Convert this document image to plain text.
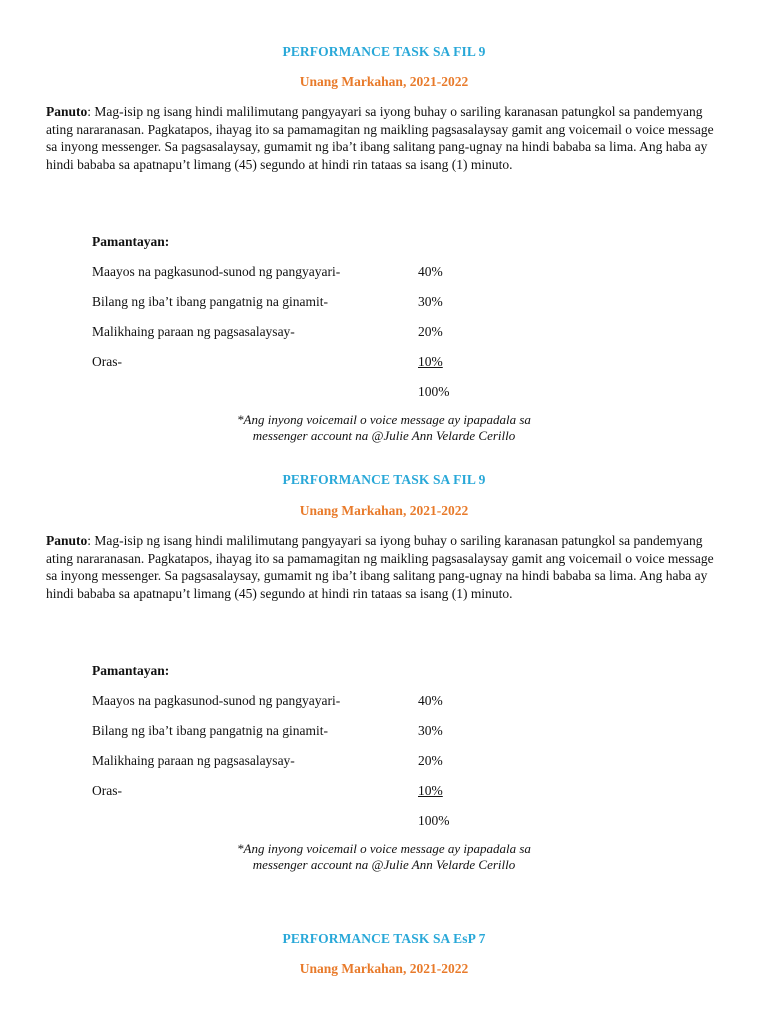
PERFORMANCE TASK SA FIL 9
Unang Markahan, 2021-2022

Panuto: Mag-isip ng isang hindi malilimutang pangyayari sa iyong buhay o sariling karanasan patungkol sa pandemyang ating nararanasan. Pagkatapos, ihayag ito sa pamamagitan ng maikling pagsasalaysay gamit ang voicemail o voice message sa inyong messenger. Sa pagsasalaysay, gumamit ng iba’t ibang salitang pang-ugnay na hindi bababa sa lima. Ang haba ay hindi bababa sa apatnapu’t limang (45) segundo at hindi rin tataas sa isang (1) minuto.

Pamantayan:
Maayos na pagkasunod-sunod ng pangyayari-	40%
Bilang ng iba’t ibang pangatnig na ginamit-	30%
Malikhaing paraan ng pagsasalaysay-	20%
Oras-	10%
100%
*Ang inyong voicemail o voice message ay ipapadala sa
messenger account na @Julie Ann Velarde Cerillo
PERFORMANCE TASK SA FIL 9
Unang Markahan, 2021-2022

Panuto: Mag-isip ng isang hindi malilimutang pangyayari sa iyong buhay o sariling karanasan patungkol sa pandemyang ating nararanasan. Pagkatapos, ihayag ito sa pamamagitan ng maikling pagsasalaysay gamit ang voicemail o voice message sa inyong messenger. Sa pagsasalaysay, gumamit ng iba’t ibang salitang pang-ugnay na hindi bababa sa lima. Ang haba ay hindi bababa sa apatnapu’t limang (45) segundo at hindi rin tataas sa isang (1) minuto.

Pamantayan:
Maayos na pagkasunod-sunod ng pangyayari-	40%
Bilang ng iba’t ibang pangatnig na ginamit-	30%
Malikhaing paraan ng pagsasalaysay-	20%
Oras-	10%
100%
*Ang inyong voicemail o voice message ay ipapadala sa
messenger account na @Julie Ann Velarde Cerillo
PERFORMANCE TASK SA EsP 7
Unang Markahan, 2021-2022
